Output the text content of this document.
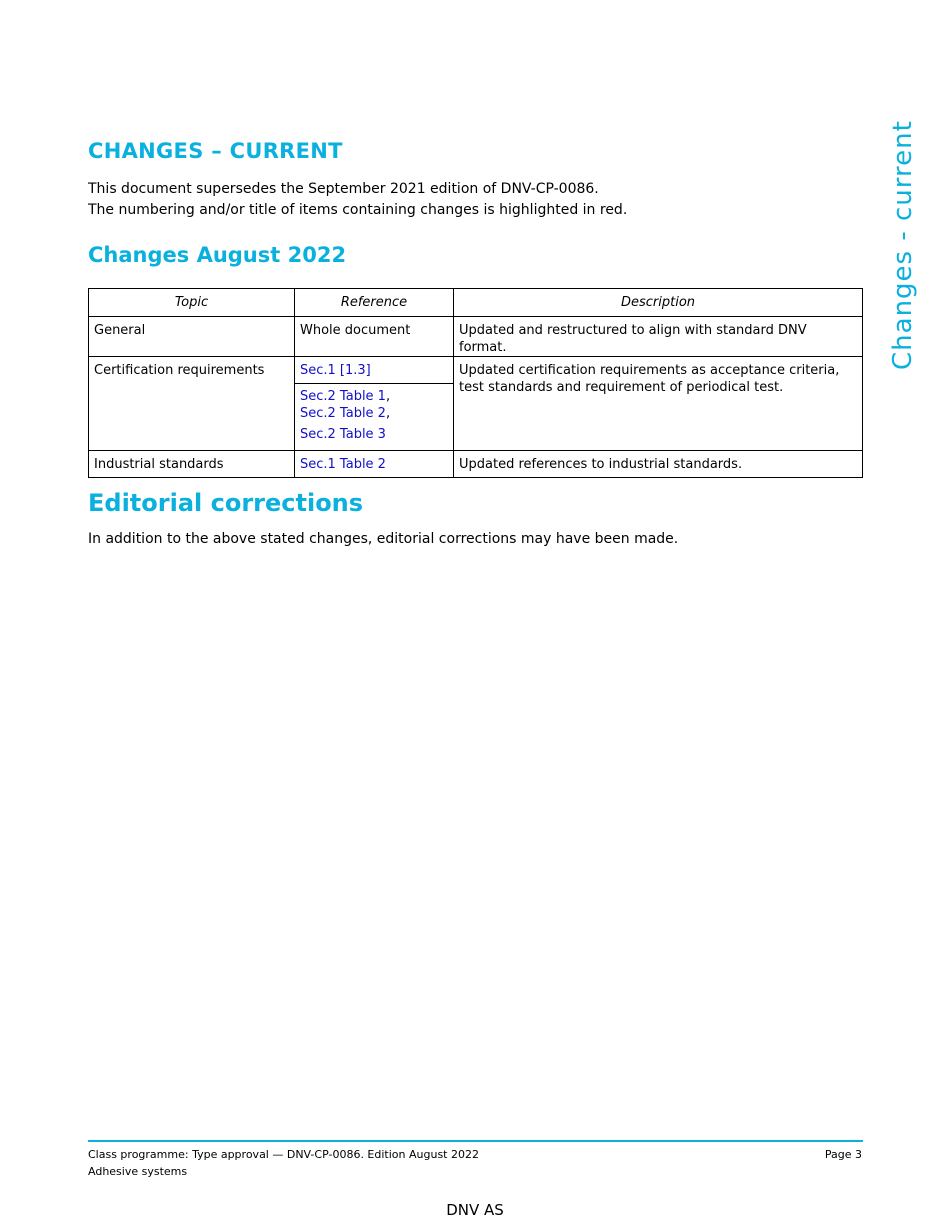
CHANGES – CURRENT
This document supersedes the September 2021 edition of DNV-CP-0086.
The numbering and/or title of items containing changes is highlighted in red.
Changes August 2022
Topic	Reference	Description
General	Whole document	Updated and restructured to align with standard DNV format.
Certification requirements	Sec.1 [1.3]	Updated certification requirements as acceptance criteria, test standards and requirement of periodical test.

	Sec.2 Table 1,
Sec.2 Table 2,
Sec.2 Table 3	

Industrial standards	Sec.1 Table 2	Updated references to industrial standards.
Editorial corrections

In addition to the above stated changes, editorial corrections may have been made.

Changes - current
Class programme: Type approval — DNV-CP-0086. Edition August 2022
Adhesive systems
Page 3
DNV AS
